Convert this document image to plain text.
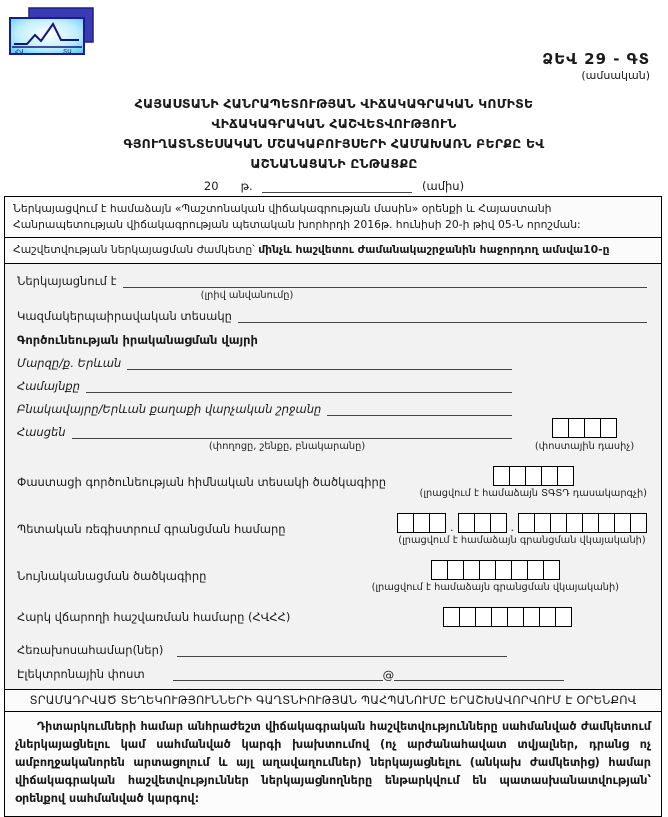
ՀՎ	ՏԱ	ՁԵՎ 29 - ԳՏ
(ամսական)
ՀԱՅԱՍՏԱՆԻ ՀԱՆՐԱՊԵՏՈՒԹՅԱՆ ՎԻՃԱԿԱԳՐԱԿԱՆ ԿՈՄԻՏԵ
ՎԻՃԱԿԱԳՐԱԿԱՆ ՀԱՇՎԵՏՎՈՒԹՅՈՒՆ
ԳՅՈՒՂԱՏՆՏԵՍԱԿԱՆ ՄՇԱԿԱԲՈՒՅՍԵՐԻ ՀԱՄԱԽԱՌՆ ԲԵՐՔԸ ԵՎ
ԱՇՆԱՆԱՑԱՆԻ ԸՆԹԱՑՔԸ
20 թ.	(ամիս)
Ներկայացվում է համաձայն «Պաշտոնական վիճակագրության մասին» օրենքի և Հայաստանի Հանրապետության վիճակագրության պետական խորհրդի 2016թ. հունիսի 20-ի թիվ 05-Ն որոշման:
Հաշվետվության ներկայացման ժամկետը՝ մինչև հաշվետու ժամանակաշրջանին հաջորդող ամսվա10-ը
Ներկայացնում է
(լրիվ անվանումը)
Կազմակերպաիրավական տեսակը
Գործունեության իրականացման վայրի
Մարզը/ք. Երևան
Համայնքը
Բնակավայրը/Երևան քաղաքի վարչական շրջանը
Հասցեն
(փողոցը, շենքը, բնակարանը)	(փոստային դասիչ)
Փաստացի գործունեության հիմնական տեսակի ծածկագիրը
(լրացվում է համաձայն ՏԳՏԴ դասակարգչի)
Պետական ռեգիստրում գրանցման համարը	.	.
(լրացվում է համաձայն գրանցման վկայականի)
Նույնականացման ծածկագիրը
(լրացվում է համաձայն գրանցման վկայականի)
Հարկ վճարողի հաշվառման համարը (ՀՎՀՀ)
Հեռախոսահամար(ներ)
Էլեկտրոնային փոստ	@
ՏՐԱՄԱԴՐՎԱԾ ՏԵՂԵԿՈՒԹՅՈՒՆՆԵՐԻ ԳԱՂՏՆԻՈՒԹՅԱՆ ՊԱՀՊԱՆՈՒՄԸ ԵՐԱՇԽԱՎՈՐՎՈՒՄ Է ՕՐԵՆՔՈՎ
Դիտարկումների համար անհրաժեշտ վիճակագրական հաշվետվությունները սահմանված ժամկետում չներկայացնելու կամ սահմանված կարգի խախտումով (ոչ արժանահավատ տվյալներ, դրանց ոչ ամբողջականորեն արտացոլում և այլ աղավաղումներ) ներկայացնելու (անկախ ժամկետից) համար վիճակագրական հաշվետվություններ ներկայացնողները ենթարկվում են պատասխանատվության՝ օրենքով սահմանված կարգով:
